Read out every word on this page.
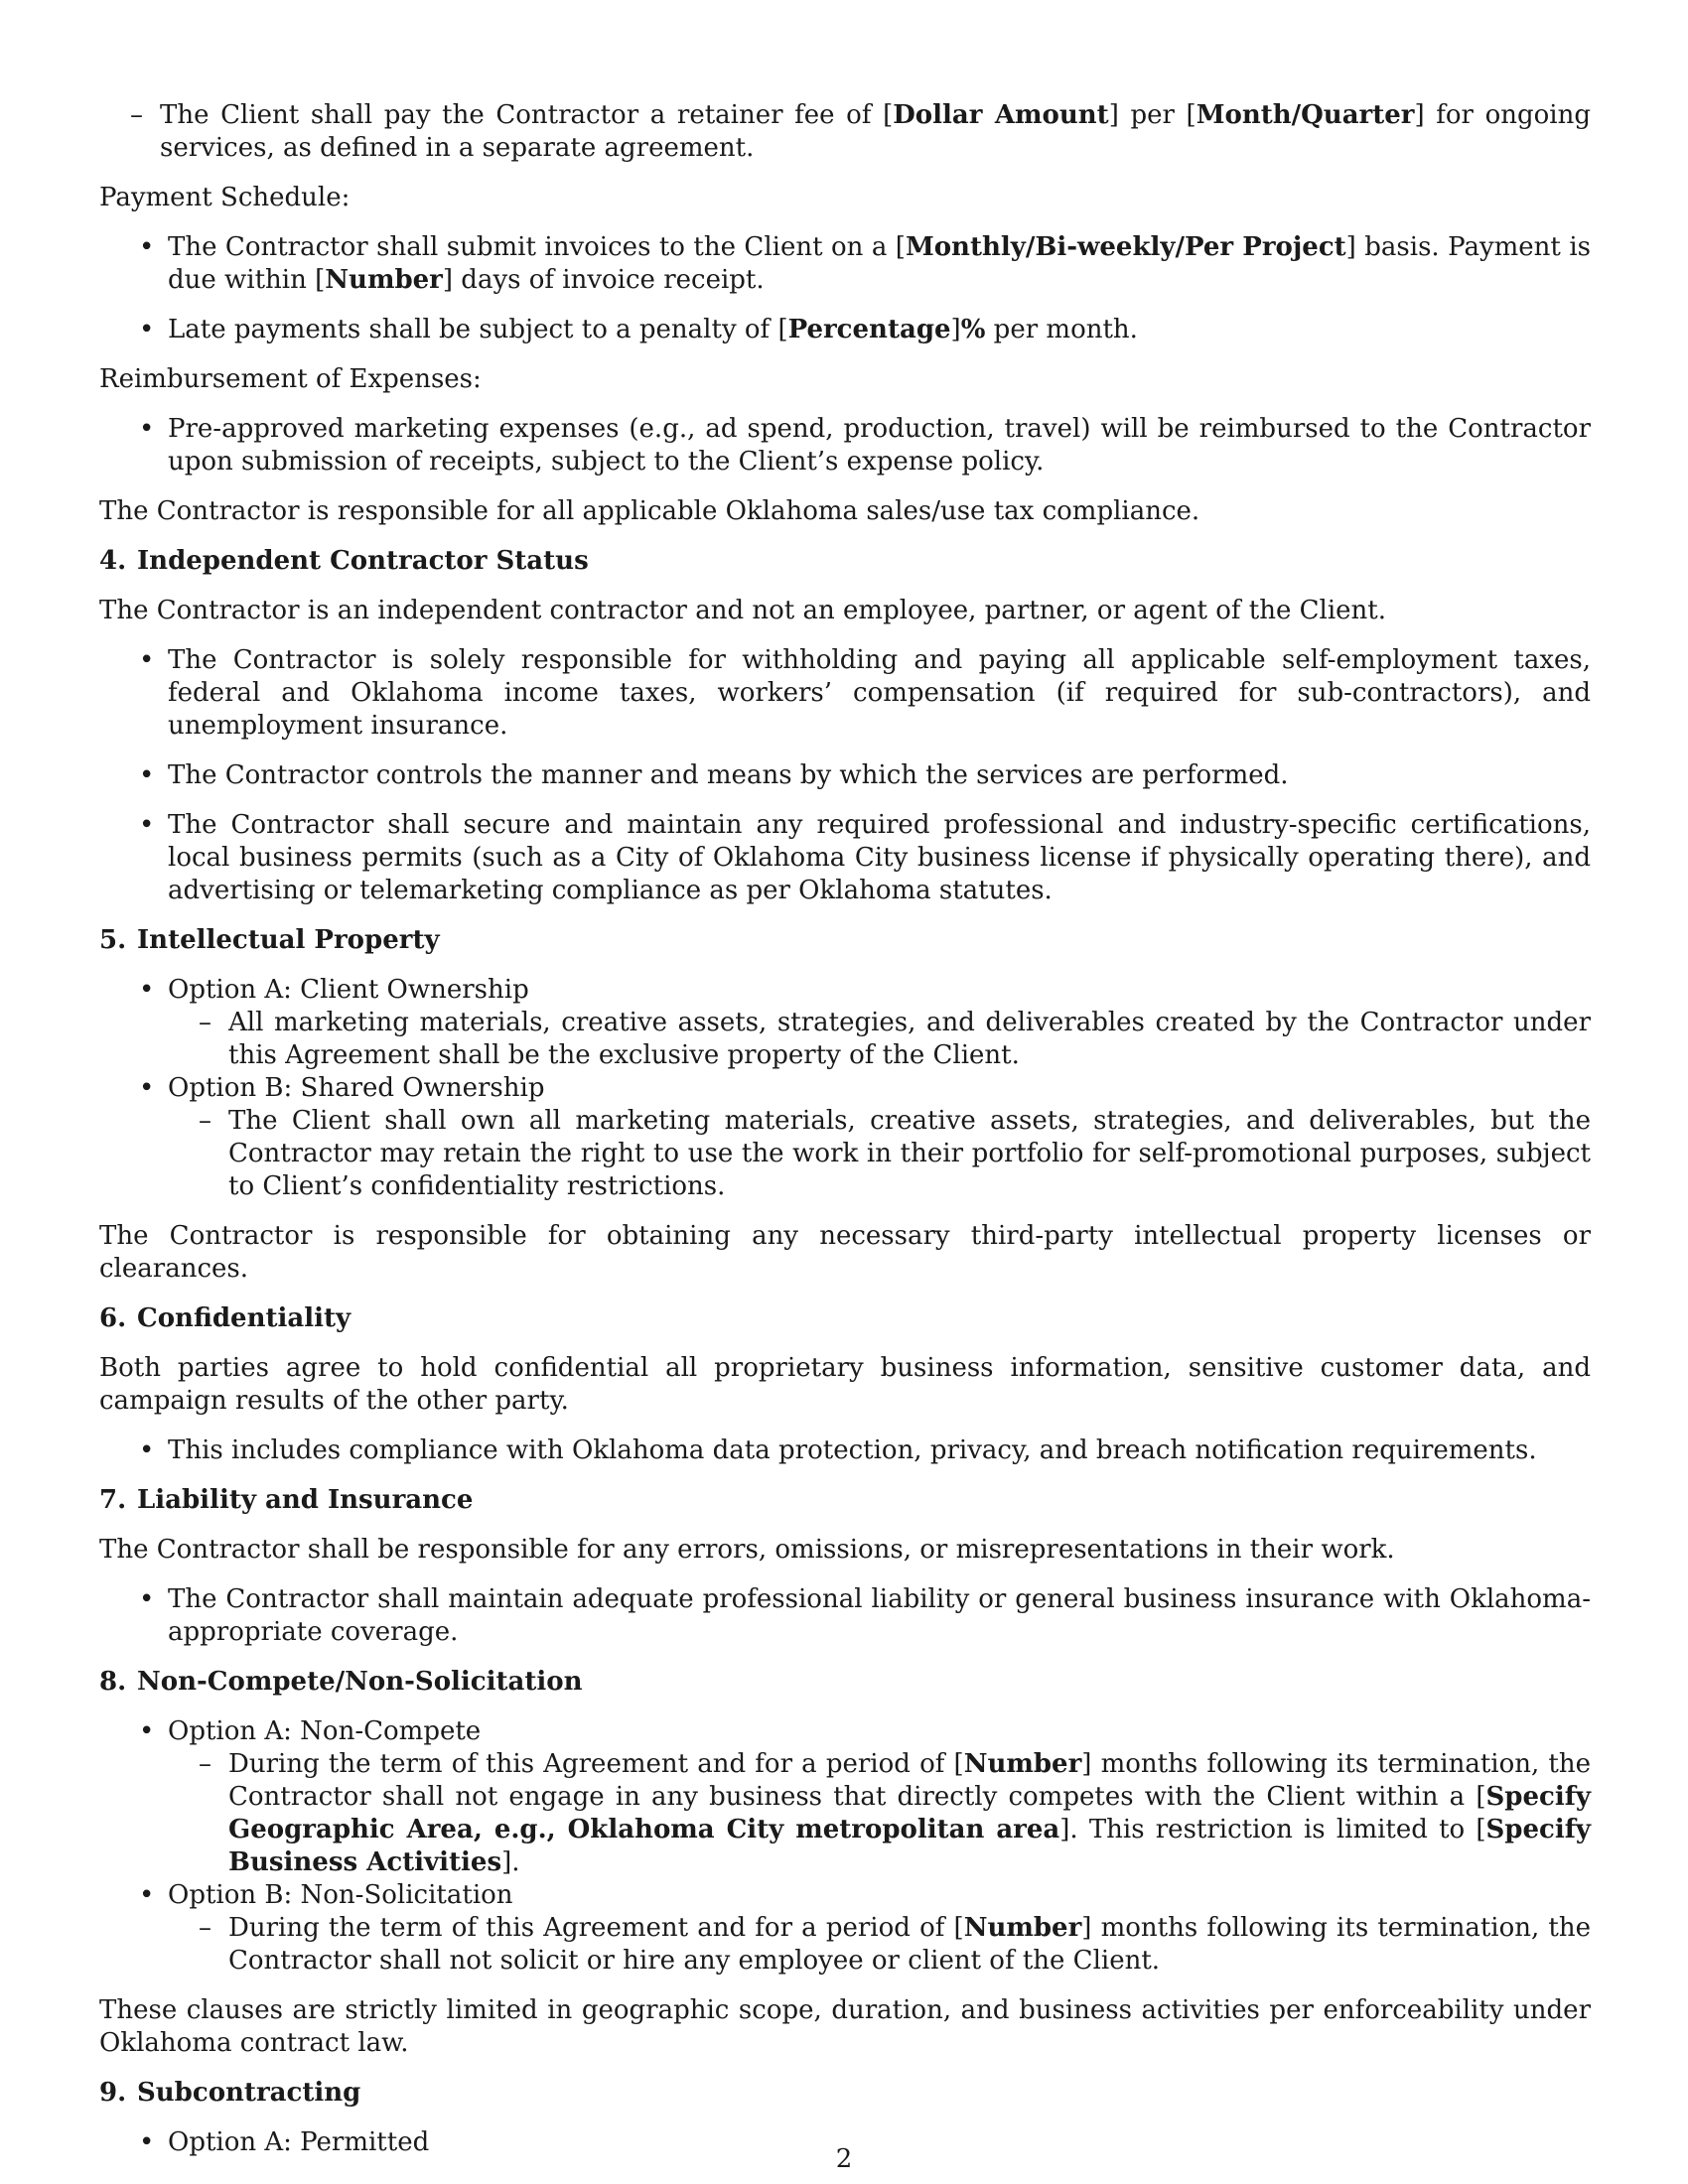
– The Client shall pay the Contractor a retainer fee of [Dollar Amount] per [Month/Quarter] for ongoing services, as defined in a separate agreement.

Payment Schedule:

• The Contractor shall submit invoices to the Client on a [Monthly/Bi-weekly/Per Project] basis. Payment is due within [Number] days of invoice receipt.
• Late payments shall be subject to a penalty of [Percentage]% per month.

Reimbursement of Expenses:

• Pre-approved marketing expenses (e.g., ad spend, production, travel) will be reimbursed to the Contractor upon submission of receipts, subject to the Client’s expense policy.

The Contractor is responsible for all applicable Oklahoma sales/use tax compliance.

4. Independent Contractor Status

The Contractor is an independent contractor and not an employee, partner, or agent of the Client.

• The Contractor is solely responsible for withholding and paying all applicable self-employment taxes, federal and Oklahoma income taxes, workers’ compensation (if required for sub-contractors), and unemployment insurance.
• The Contractor controls the manner and means by which the services are performed.
• The Contractor shall secure and maintain any required professional and industry-specific certifications, local business permits (such as a City of Oklahoma City business license if physically operating there), and advertising or telemarketing compliance as per Oklahoma statutes.
5. Intellectual Property
• Option A: Client Ownership
– All marketing materials, creative assets, strategies, and deliverables created by the Contractor under this Agreement shall be the exclusive property of the Client.
• Option B: Shared Ownership
– The Client shall own all marketing materials, creative assets, strategies, and deliverables, but the Contractor may retain the right to use the work in their portfolio for self-promotional purposes, subject to Client’s confidentiality restrictions.

The Contractor is responsible for obtaining any necessary third-party intellectual property licenses or clearances.

6. Confidentiality

Both parties agree to hold confidential all proprietary business information, sensitive customer data, and campaign results of the other party.

• This includes compliance with Oklahoma data protection, privacy, and breach notification requirements.
7. Liability and Insurance

The Contractor shall be responsible for any errors, omissions, or misrepresentations in their work.

• The Contractor shall maintain adequate professional liability or general business insurance with Oklahoma-appropriate coverage.
8. Non-Compete/Non-Solicitation
• Option A: Non-Compete
– During the term of this Agreement and for a period of [Number] months following its termination, the Contractor shall not engage in any business that directly competes with the Client within a [Specify Geographic Area, e.g., Oklahoma City metropolitan area]. This restriction is limited to [Specify Business Activities].
• Option B: Non-Solicitation
– During the term of this Agreement and for a period of [Number] months following its termination, the Contractor shall not solicit or hire any employee or client of the Client.

These clauses are strictly limited in geographic scope, duration, and business activities per enforceability under Oklahoma contract law.

9. Subcontracting
• Option A: Permitted
2
